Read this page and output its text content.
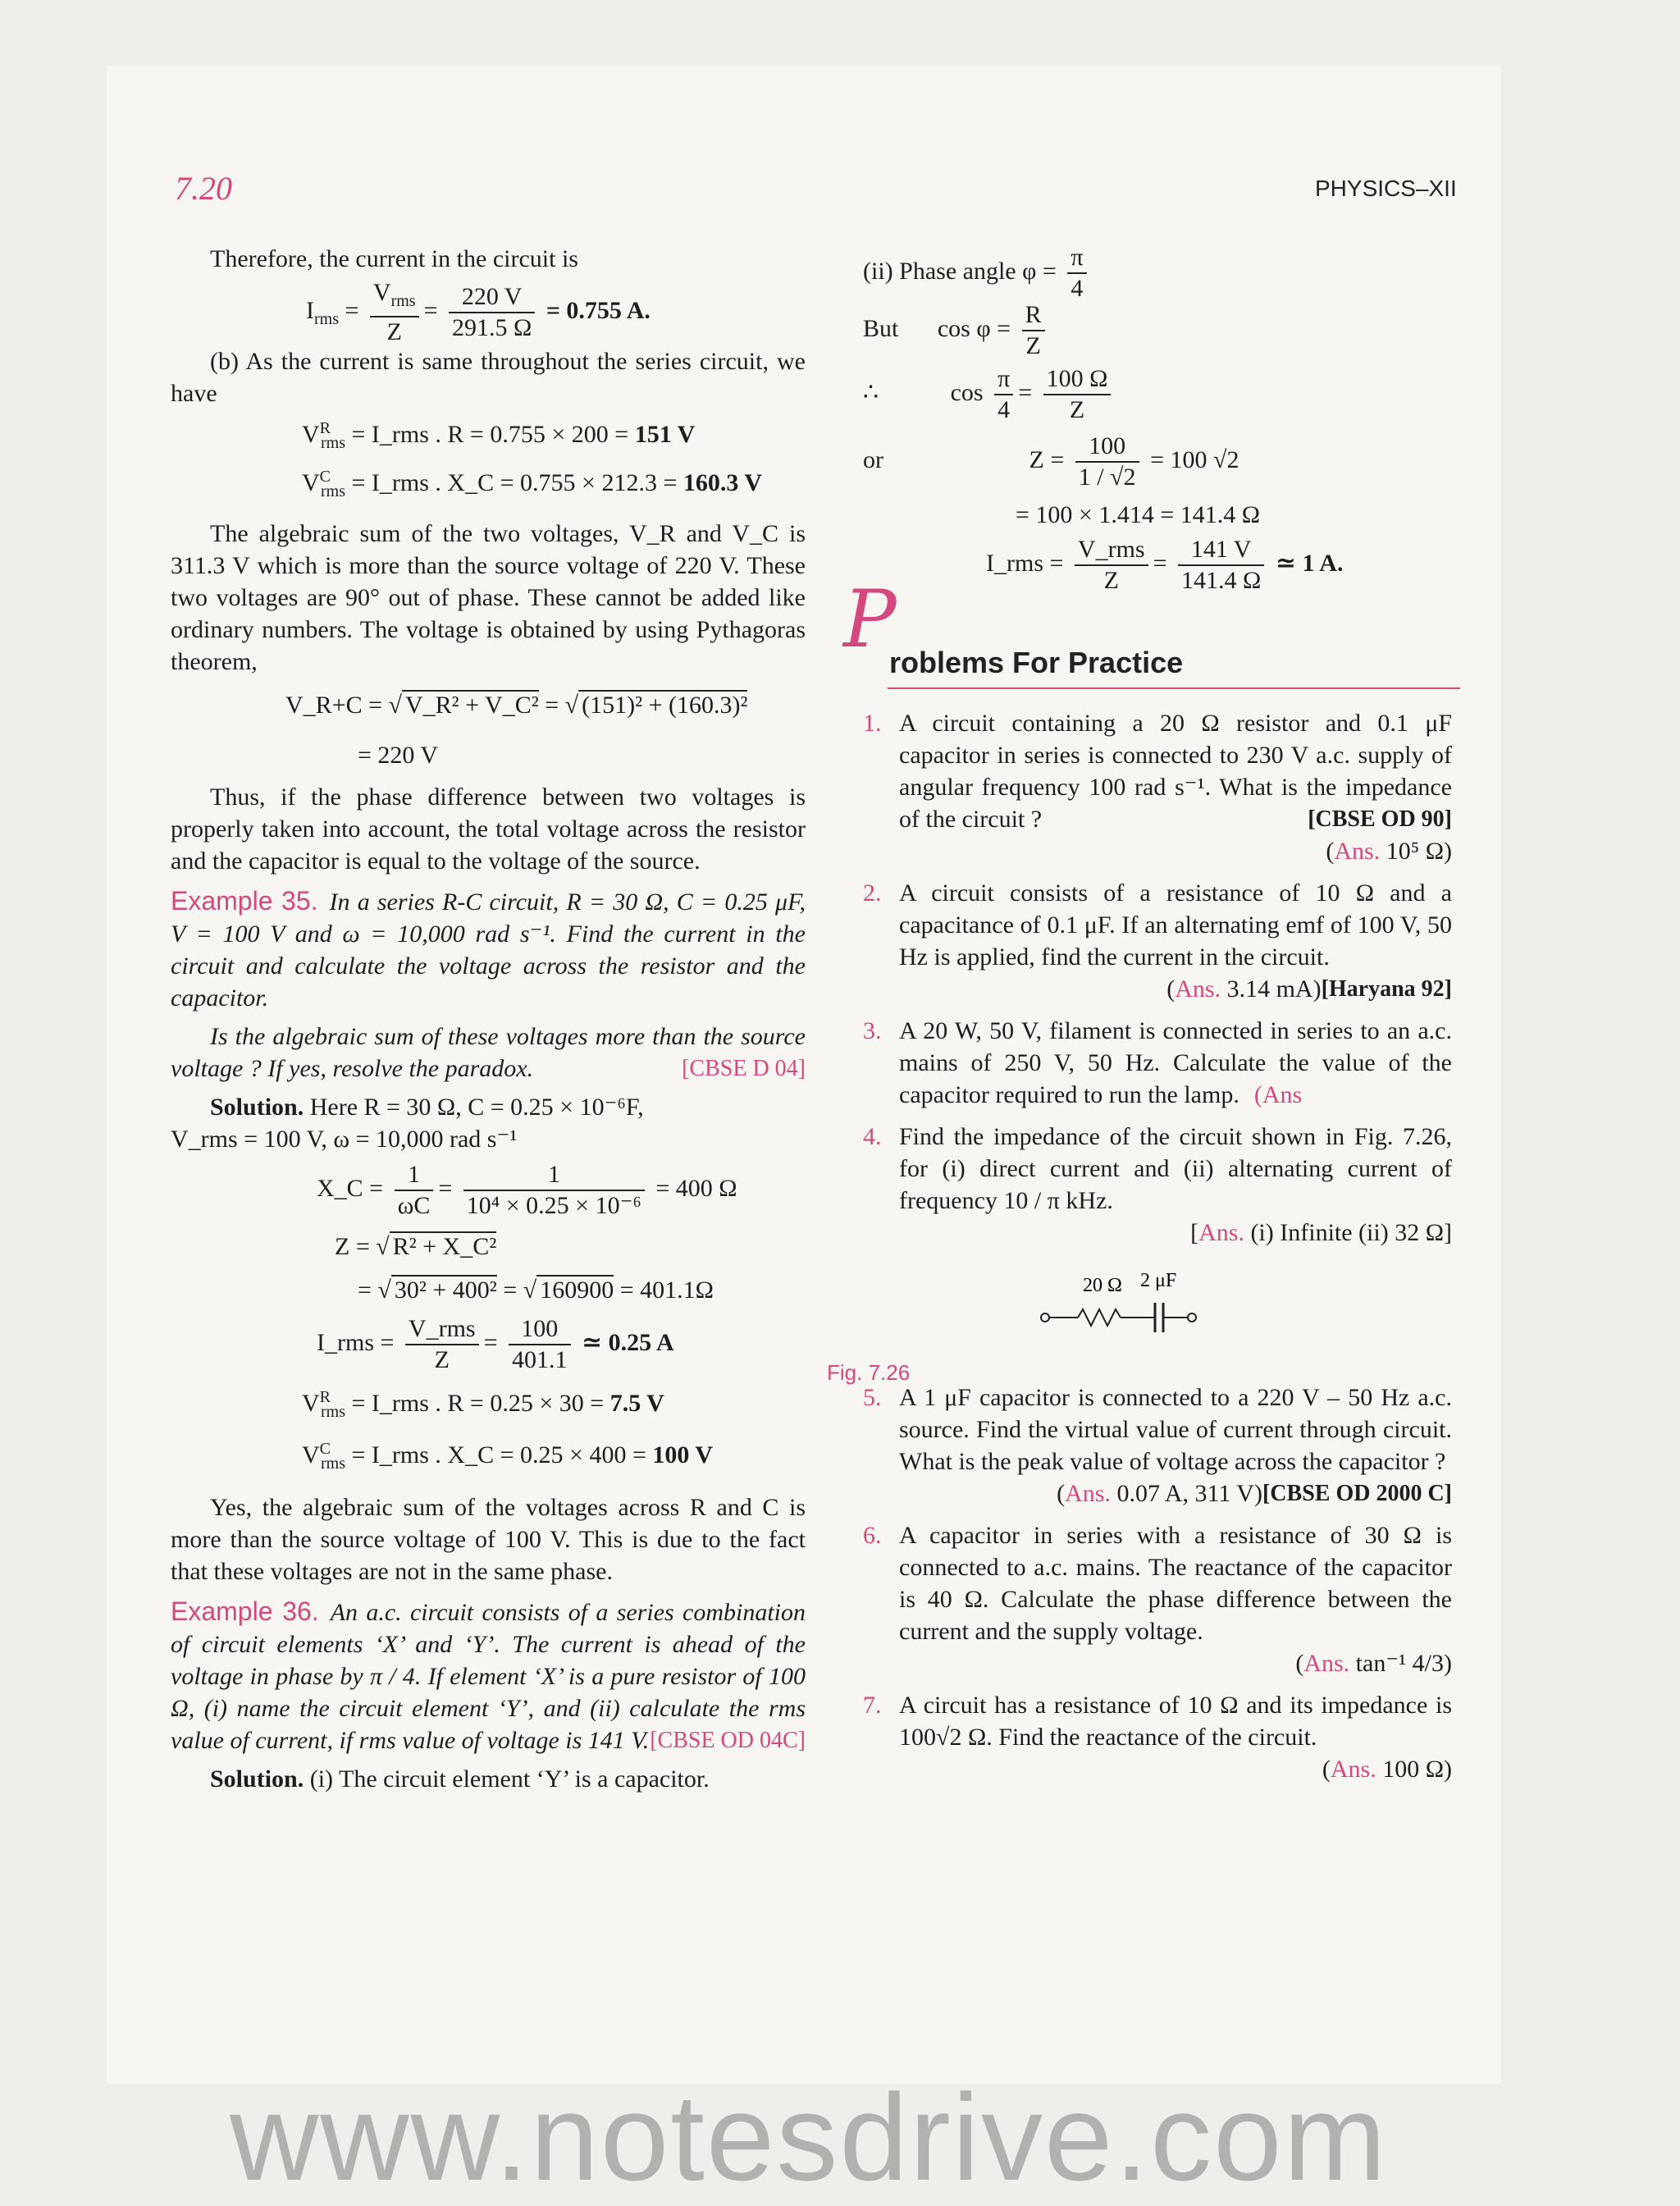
7.20	PHYSICS–XII

Therefore, the current in the circuit is

$I_{rms} = \frac{V_{rms}}{Z} = \frac{220 V}{291.5 \Omega} = 0.755$ A.

(b) As the current is same throughout the series circuit, we have

$V^R_{rms}$ = I_rms . R = 0.755 × 200 = 151 V
$V^C_{rms}$ = I_rms . X_C = 0.755 × 212.3 = 160.3 V

The algebraic sum of the two voltages, V_R and V_C is 311.3 V which is more than the source voltage of 220 V. These two voltages are 90° out of phase. These cannot be added like ordinary numbers. The voltage is obtained by using Pythagoras theorem,

V_R+C = √ V_R² + V_C² = √ (151)² + (160.3)²
= 220 V

Thus, if the phase difference between two voltages is properly taken into account, the total voltage across the resistor and the capacitor is equal to the voltage of the source.

Example 35. In a series R-C circuit, R = 30 Ω, C = 0.25 μF, V = 100 V and ω = 10,000 rad s⁻¹. Find the current in the circuit and calculate the voltage across the resistor and the capacitor.

Is the algebraic sum of these voltages more than the source voltage ? If yes, resolve the paradox.	[CBSE D 04]

Solution. Here R = 30 Ω, C = 0.25 × 10⁻⁶F,

V_rms = 100 V, ω = 10,000 rad s⁻¹

X_C = $\frac{1}{\omega C} = \frac{1}{\text{10⁴ × 0.25 × 10⁻⁶}} = 400$ Ω
Z = √ R² + X_C²
= √ 30² + 400² = √ 160900 = 401.1Ω
I_rms = $\frac{\text{V\_rms}}{Z} = \frac{100}{401.1}$ ≃ 0.25 A
$V^R_{rms}$ = I_rms . R = 0.25 × 30 = 7.5 V
$V^C_{rms}$ = I_rms . X_C = 0.25 × 400 = 100 V

Yes, the algebraic sum of the voltages across R and C is more than the source voltage of 100 V. This is due to the fact that these voltages are not in the same phase.

Example 36. An a.c. circuit consists of a series combination of circuit elements ‘X’ and ‘Y’. The current is ahead of the voltage in phase by π / 4. If element ‘X’ is a pure resistor of 100 Ω, (i) name the circuit element ‘Y’, and (ii) calculate the rms value of current, if rms value of voltage is 141 V. [CBSE OD 04C]

Solution. (i) The circuit element ‘Y’ is a capacitor.

(ii) Phase angle $\varphi = \frac{\pi}{4}$
But $\cos \varphi = \frac{R}{Z}$
∴	$\cos \frac{\pi}{4} = \frac{100 \Omega}{Z}$
or	$Z = \frac{100}{1 / √2} = 100$ √2
= 100 × 1.414 = 141.4 Ω
I_rms = $\frac{\text{V\_rms}}{Z} = \frac{141 V}{141.4 \Omega}$ ≃ 1 A.
P
roblems For Practice
1. A circuit containing a 20 Ω resistor and 0.1 μF capacitor in series is connected to 230 V a.c. supply of angular frequency 100 rad s⁻¹. What is the impedance of the circuit ?	[CBSE OD 90]

(Ans. 10⁵ Ω)
2. A circuit consists of a resistance of 10 Ω and a capacitance of 0.1 μF. If an alternating emf of 100 V, 50 Hz is applied, find the current in the circuit.
[Haryana 92]

(Ans. 3.14 mA)
3. A 20 W, 50 V, filament is connected in series to an a.c. mains of 250 V, 50 Hz. Calculate the value of the capacitor required to run the lamp. (Ans

4. Find the impedance of the circuit shown in Fig. 7.26, for (i) direct current and (ii) alternating current of frequency 10 / π kHz.

[Ans. (i) Infinite (ii) 32 Ω]
20 Ω 2 μF
Fig. 7.26
5. A 1 μF capacitor is connected to a 220 V – 50 Hz a.c. source. Find the virtual value of current through circuit. What is the peak value of voltage across the capacitor ?
[CBSE OD 2000 C]

(Ans. 0.07 A, 311 V)
6. A capacitor in series with a resistance of 30 Ω is connected to a.c. mains. The reactance of the capacitor is 40 Ω. Calculate the phase difference between the current and the supply voltage.

(Ans. tan⁻¹ 4/3)
7. A circuit has a resistance of 10 Ω and its impedance is 100√2 Ω. Find the reactance of the circuit.

(Ans. 100 Ω)
www.notesdrive.com
